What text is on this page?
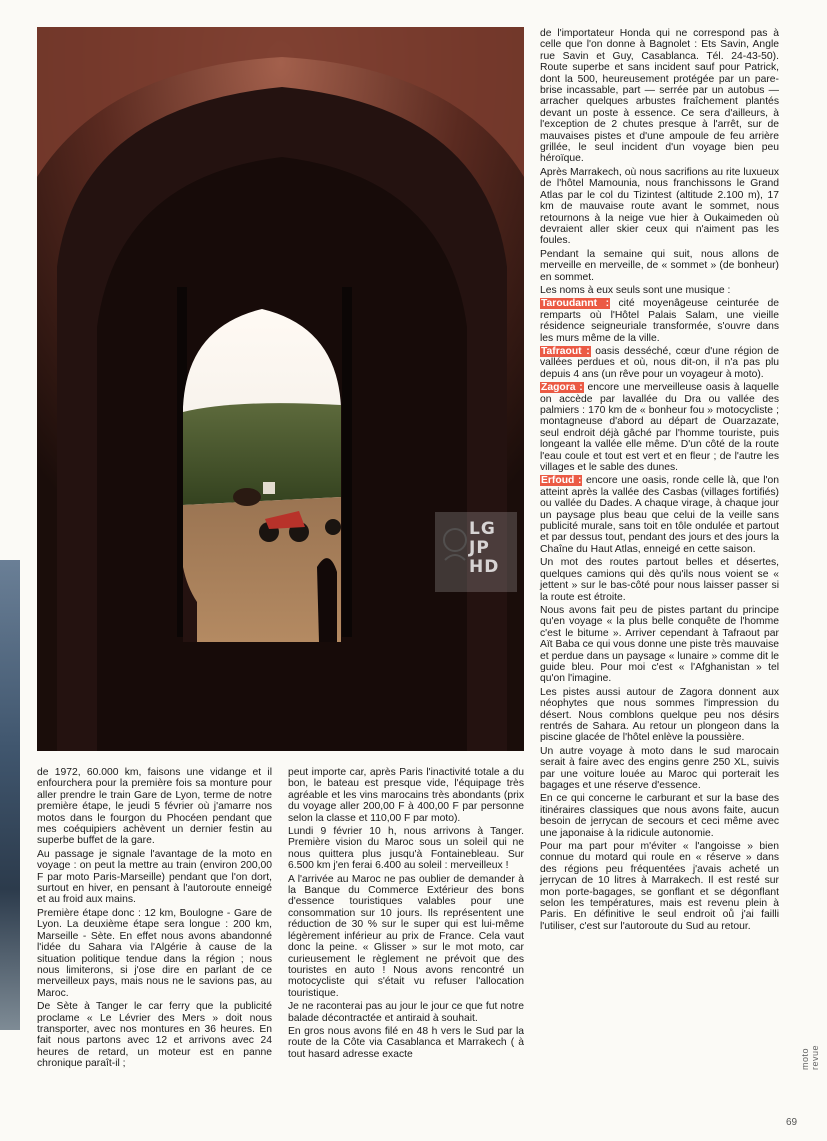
LG
JP
HD

de l'importateur Honda qui ne correspond pas à celle que l'on donne à Bagnolet : Ets Savin, Angle rue Savin et Guy, Casablanca. Tél. 24-43-50). Route superbe et sans incident sauf pour Patrick, dont la 500, heureusement protégée par un pare-brise incassable, part — serrée par un autobus — arracher quelques arbustes fraîchement plantés devant un poste à essence. Ce sera d'ailleurs, à l'exception de 2 chutes presque à l'arrêt, sur de mauvaises pistes et d'une ampoule de feu arrière grillée, le seul incident d'un voyage bien peu héroïque.

Après Marrakech, où nous sacrifions au rite luxueux de l'hôtel Mamounia, nous franchissons le Grand Atlas par le col du Tizintest (altitude 2.100 m), 17 km de mauvaise route avant le sommet, nous retournons à la neige vue hier à Oukaimeden où devraient aller skier ceux qui n'aiment pas les foules.

Pendant la semaine qui suit, nous allons de merveille en merveille, de « sommet » (de bonheur) en sommet.

Les noms à eux seuls sont une musique :

Taroudannt : cité moyenâgeuse ceinturée de remparts où l'Hôtel Palais Salam, une vieille résidence seigneuriale transformée, s'ouvre dans les murs même de la ville.

Tafraout : oasis desséché, cœur d'une région de vallées perdues et où, nous dit-on, il n'a pas plu depuis 4 ans (un rêve pour un voyageur à moto).

Zagora : encore une merveilleuse oasis à laquelle on accède par lavallée du Dra ou vallée des palmiers : 170 km de « bonheur fou » motocycliste ; montagneuse d'abord au départ de Ouarzazate, seul endroit déjà gâché par l'homme touriste, puis longeant la vallée elle même. D'un côté de la route l'eau coule et tout est vert et en fleur ; de l'autre les villages et le sable des dunes.

Erfoud : encore une oasis, ronde celle là, que l'on atteint après la vallée des Casbas (villages fortifiés) ou vallée du Dades. A chaque virage, à chaque jour un paysage plus beau que celui de la veille sans publicité murale, sans toit en tôle ondulée et partout et par dessus tout, pendant des jours et des jours la Chaîne du Haut Atlas, enneigé en cette saison.

Un mot des routes partout belles et désertes, quelques camions qui dès qu'ils nous voient se « jettent » sur le bas-côté pour nous laisser passer si la route est étroite.

Nous avons fait peu de pistes partant du principe qu'en voyage « la plus belle conquête de l'homme c'est le bitume ». Arriver cependant à Tafraout par Aït Baba ce qui vous donne une piste très mauvaise et perdue dans un paysage « lunaire » comme dit le guide bleu. Pour moi c'est « l'Afghanistan » tel qu'on l'imagine.

Les pistes aussi autour de Zagora donnent aux néophytes que nous sommes l'impression du désert. Nous comblons quelque peu nos désirs rentrés de Sahara. Au retour un plongeon dans la piscine glacée de l'hôtel enlève la poussière.

Un autre voyage à moto dans le sud marocain serait à faire avec des engins genre 250 XL, suivis par une voiture louée au Maroc qui porterait les bagages et une réserve d'essence.

En ce qui concerne le carburant et sur la base des itinéraires classiques que nous avons faite, aucun besoin de jerrycan de secours et ceci même avec une japonaise à la ridicule autonomie.

Pour ma part pour m'éviter « l'angoisse » bien connue du motard qui roule en « réserve » dans des régions peu fréquentées j'avais acheté un jerrycan de 10 litres à Marrakech. Il est resté sur mon porte-bagages, se gonflant et se dégonflant selon les températures, mais est revenu plein à Paris. En définitive le seul endroit oů j'ai failli l'utiliser, c'est sur l'autoroute du Sud au retour.

de 1972, 60.000 km, faisons une vidange et il enfourchera pour la première fois sa monture pour aller prendre le train Gare de Lyon, terme de notre première étape, le jeudi 5 février où j'amarre nos motos dans le fourgon du Phocéen pendant que mes coéquipiers achèvent un dernier festin au superbe buffet de la gare.

Au passage je signale l'avantage de la moto en voyage : on peut la mettre au train (environ 200,00 F par moto Paris-Marseille) pendant que l'on dort, surtout en hiver, en pensant à l'autoroute enneigé et au froid aux mains.

Première étape donc : 12 km, Boulogne - Gare de Lyon. La deuxième étape sera longue : 200 km, Marseille - Sète. En effet nous avons abandonné l'idée du Sahara via l'Algérie à cause de la situation politique tendue dans la région ; nous nous limiterons, si j'ose dire en parlant de ce merveilleux pays, mais nous ne le savions pas, au Maroc.

De Sète à Tanger le car ferry que la publicité proclame « Le Lévrier des Mers » doit nous transporter, avec nos montures en 36 heures. En fait nous partons avec 12 et arrivons avec 24 heures de retard, un moteur est en panne chronique paraît-il ;

peut importe car, après Paris l'inactivité totale a du bon, le bateau est presque vide, l'équipage très agréable et les vins marocains très abondants (prix du voyage aller 200,00 F à 400,00 F par personne selon la classe et 110,00 F par moto).

Lundi 9 février 10 h, nous arrivons à Tanger. Première vision du Maroc sous un soleil qui ne nous quittera plus jusqu'à Fontainebleau. Sur 6.500 km j'en ferai 6.400 au soleil : merveilleux !

A l'arrivée au Maroc ne pas oublier de demander à la Banque du Commerce Extérieur des bons d'essence touristiques valables pour une consommation sur 10 jours. Ils représentent une réduction de 30 % sur le super qui est lui-même légèrement inférieur au prix de France. Cela vaut donc la peine. « Glisser » sur le mot moto, car curieusement le règlement ne prévoit que des touristes en auto ! Nous avons rencontré un motocycliste qui s'était vu refuser l'allocation touristique.

Je ne raconterai pas au jour le jour ce que fut notre balade décontractée et antiraid à souhait.

En gros nous avons filé en 48 h vers le Sud par la route de la Côte via Casablanca et Marrakech ( à tout hasard adresse exacte	moto revue
69
